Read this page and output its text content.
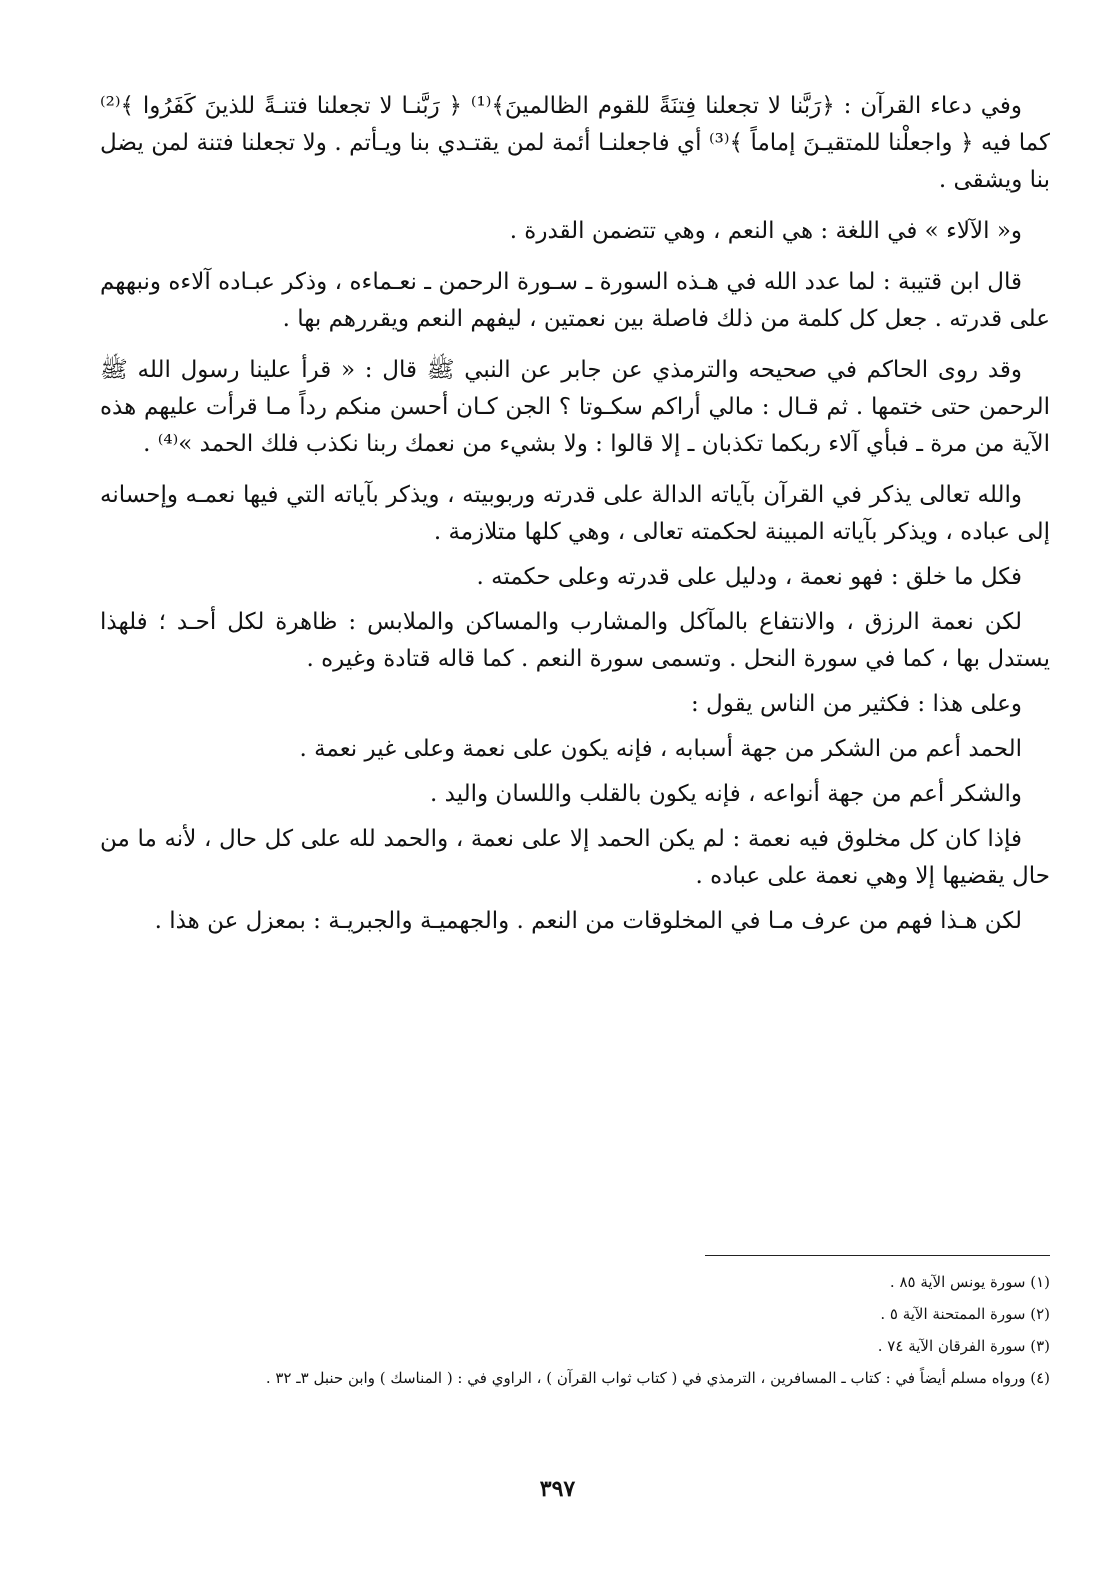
وفي دعاء القرآن : ﴿رَبَّنا لا تجعلنا فِتنَةً للقوم الظالمينَ﴾⁽¹⁾ ﴿ رَبَّنـا لا تجعلنا فتنـةً للذينَ كَفَرُوا ﴾⁽²⁾ كما فيه ﴿ واجعلْنا للمتقيـنَ إماماً ﴾⁽³⁾ أي فاجعلنـا أئمة لمن يقتـدي بنا ويـأتم . ولا تجعلنا فتنة لمن يضل بنا ويشقى .

و« الآلاء » في اللغة : هي النعم ، وهي تتضمن القدرة .

قال ابن قتيبة : لما عدد الله في هـذه السورة ـ سـورة الرحمن ـ نعـماءه ، وذكر عبـاده آلاءه ونبههم على قدرته . جعل كل كلمة من ذلك فاصلة بين نعمتين ، ليفهم النعم ويقررهم بها .

وقد روى الحاكم في صحيحه والترمذي عن جابر عن النبي ﷺ قال : « قرأ علينا رسول الله ﷺ الرحمن حتى ختمها . ثم قـال : مالي أراكم سكـوتا ؟ الجن كـان أحسن منكم رداً مـا قرأت عليهم هذه الآية من مرة ـ فبأي آلاء ربكما تكذبان ـ إلا قالوا : ولا بشيء من نعمك ربنا نكذب فلك الحمد »⁽⁴⁾ .

والله تعالى يذكر في القرآن بآياته الدالة على قدرته وربوبيته ، ويذكر بآياته التي فيها نعمـه وإحسانه إلى عباده ، ويذكر بآياته المبينة لحكمته تعالى ، وهي كلها متلازمة .

فكل ما خلق : فهو نعمة ، ودليل على قدرته وعلى حكمته .

لكن نعمة الرزق ، والانتفاع بالمآكل والمشارب والمساكن والملابس : ظاهرة لكل أحـد ؛ فلهذا يستدل بها ، كما في سورة النحل . وتسمى سورة النعم . كما قاله قتادة وغيره .

وعلى هذا : فكثير من الناس يقول :

الحمد أعم من الشكر من جهة أسبابه ، فإنه يكون على نعمة وعلى غير نعمة .

والشكر أعم من جهة أنواعه ، فإنه يكون بالقلب واللسان واليد .

فإذا كان كل مخلوق فيه نعمة : لم يكن الحمد إلا على نعمة ، والحمد لله على كل حال ، لأنه ما من حال يقضيها إلا وهي نعمة على عباده .

لكن هـذا فهم من عرف مـا في المخلوقات من النعم . والجهميـة والجبريـة : بمعزل عن هذا .

(١) سورة يونس الآية ٨٥ .

(٢) سورة الممتحنة الآية ٥ .

(٣) سورة الفرقان الآية ٧٤ .

(٤) ورواه مسلم أيضاً في : كتاب ـ المسافرين ، الترمذي في ( كتاب ثواب القرآن ) ، الراوي في : ( المناسك ) وابن حنبل ٣ـ ٣٢ .

٣٩٧
